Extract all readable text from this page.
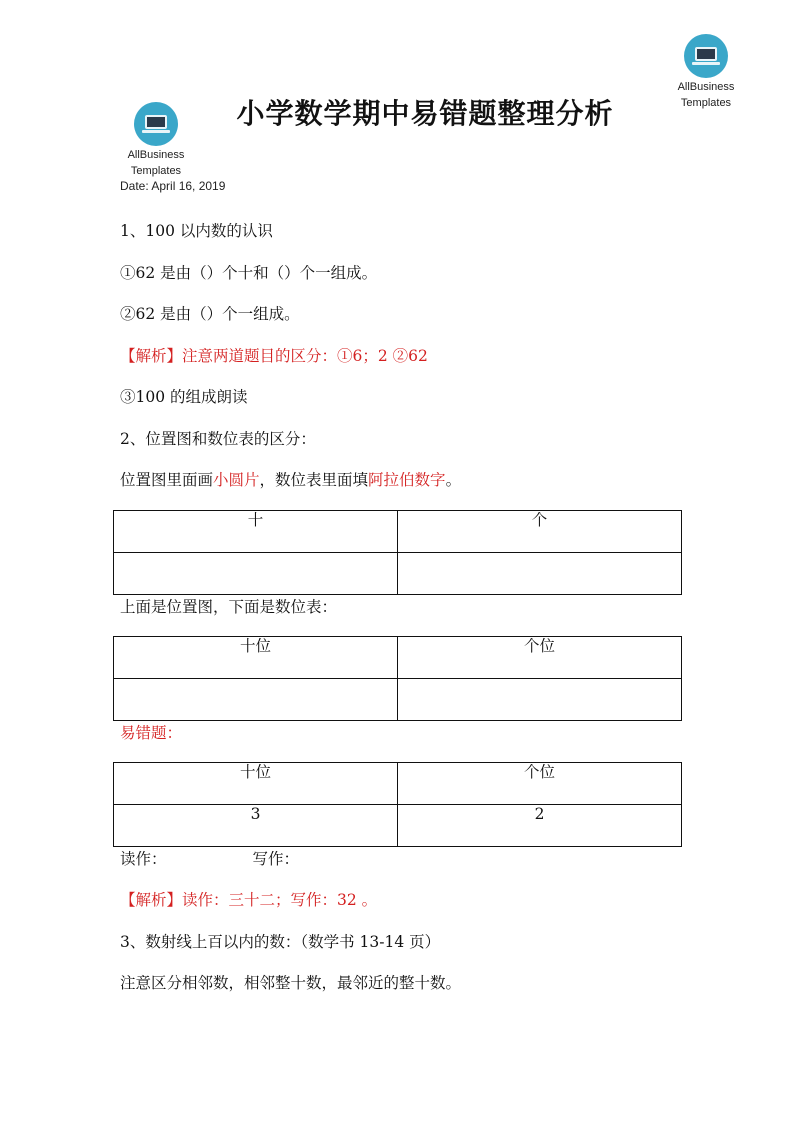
AllBusiness
Templates
AllBusiness
Templates
小学数学期中易错题整理分析
Date: April 16, 2019
1、100 以内数的认识
①62 是由（）个十和（）个一组成。
②62 是由（）个一组成。
【解析】注意两道题目的区分：①6；2 ②62
③100 的组成朗读
2、位置图和数位表的区分：
位置图里面画小圆片，数位表里面填阿拉伯数字。
十	个

上面是位置图，下面是数位表：
十位	个位

易错题：
十位	个位
3	2
读作：	写作：
【解析】读作：三十二；写作：32 。
3、数射线上百以内的数：（数学书 13-14 页）
注意区分相邻数，相邻整十数，最邻近的整十数。
